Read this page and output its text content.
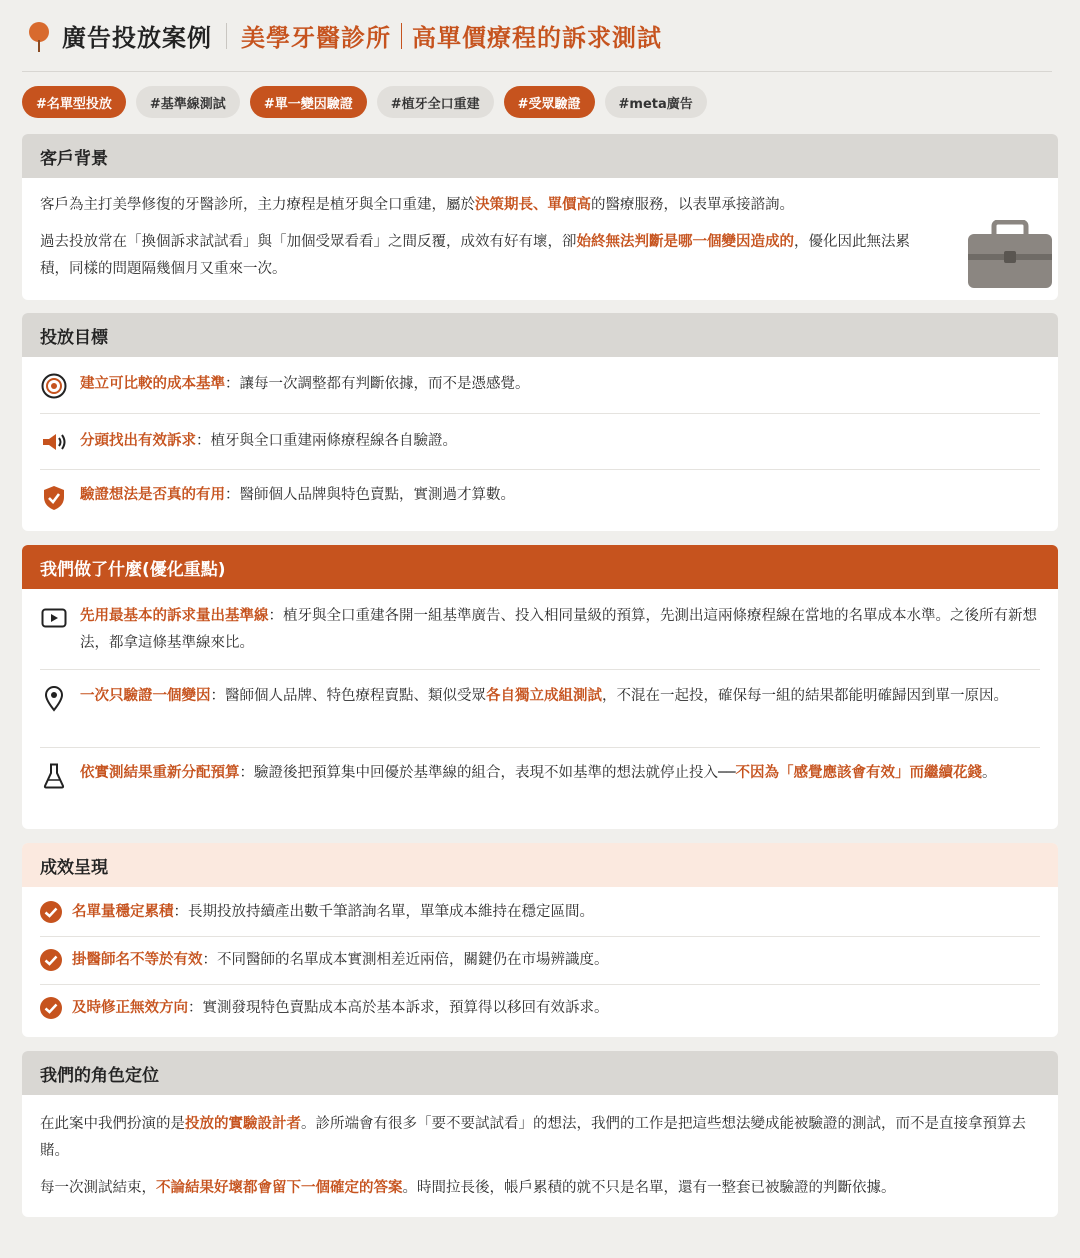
廣告投放案例 美學牙醫診所 高單價療程的訴求測試
#名單型投放	#基準線測試	#單一變因驗證	#植牙全口重建	#受眾驗證	#meta廣告
客戶背景

客戶為主打美學修復的牙醫診所，主力療程是植牙與全口重建，屬於決策期長、單價高的醫療服務，以表單承接諮詢。

過去投放常在「換個訴求試試看」與「加個受眾看看」之間反覆，成效有好有壞，卻始終無法判斷是哪一個變因造成的，優化因此無法累積，同樣的問題隔幾個月又重來一次。

投放目標
建立可比較的成本基準：讓每一次調整都有判斷依據，而不是憑感覺。
分頭找出有效訴求：植牙與全口重建兩條療程線各自驗證。
驗證想法是否真的有用：醫師個人品牌與特色賣點，實測過才算數。
我們做了什麼(優化重點)
先用最基本的訴求量出基準線：植牙與全口重建各開一組基準廣告、投入相同量級的預算，先測出這兩條療程線在當地的名單成本水準。之後所有新想法，都拿這條基準線來比。
一次只驗證一個變因：醫師個人品牌、特色療程賣點、類似受眾各自獨立成組測試，不混在一起投，確保每一組的結果都能明確歸因到單一原因。
依實測結果重新分配預算：驗證後把預算集中回優於基準線的組合，表現不如基準的想法就停止投入──不因為「感覺應該會有效」而繼續花錢。
成效呈現
名單量穩定累積：長期投放持續產出數千筆諮詢名單，單筆成本維持在穩定區間。
掛醫師名不等於有效：不同醫師的名單成本實測相差近兩倍，關鍵仍在市場辨識度。
及時修正無效方向：實測發現特色賣點成本高於基本訴求，預算得以移回有效訴求。
我們的角色定位

在此案中我們扮演的是投放的實驗設計者。診所端會有很多「要不要試試看」的想法，我們的工作是把這些想法變成能被驗證的測試，而不是直接拿預算去賭。

每一次測試結束，不論結果好壞都會留下一個確定的答案。時間拉長後，帳戶累積的就不只是名單，還有一整套已被驗證的判斷依據。
